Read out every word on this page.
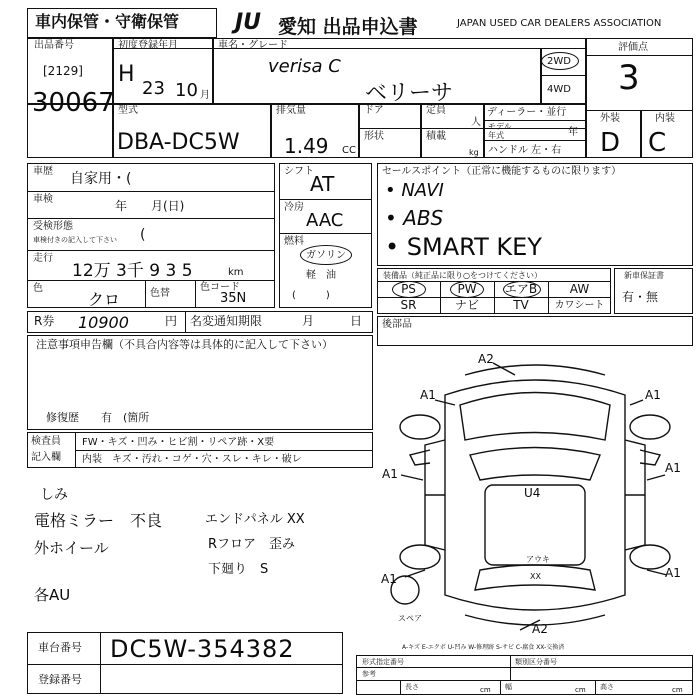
車内保管・守衛保管	JU 愛知 出品申込書	JAPAN USED CAR DEALERS ASSOCIATION
出品番号
[2129]
30067
初度登録年月
H
23 10 月
車名・グレード
verisa C
ベリーサ
2WD
4WD
評価点
3
外装	内装
D C
型式
DBA-DC5W
排気量
1.49 CC
ドア
形状
定員
人
積載
kg
ディーラー・並行
モデル
年式	年
ハンドル 左・右
車歴 自家用・(
車検	年　　月(日)
受検形態
車検付きの記入して下さい (
走行
12万 3千 9 3 5	km
色
クロ	色替
色コード
35N
シフト
AT
冷房
AAC
燃料
ガソリン
軽　油
(　　　)
セールスポイント（正常に機能するものに限ります）
• NAVI
• ABS
• SMART KEY
装備品（純正品に限り○をつけてください）
PS	PW	エアB	AW
SR	ナビ	TV	カワシート
新車保証書
有・無
R券 10900	円 名変通知期限	月	日 後部品
注意事項申告欄（不具合内容等は具体的に記入して下さい）
修復歴　　有　(箇所
検査員
記入欄
FW・キズ・凹み・ヒビ割・リペア跡・X要
内装 キズ・汚れ・コゲ・穴・スレ・キレ・破レ
しみ
電格ミラー　不良
外ホイール
各AU
エンドパネル XX
Rフロア　歪み
下廻り　S
A2
A1	A1
A1	A1
U4
A1	A1
A2
アウキ
XX
スペア
A-キズ E-エクボ U-凹み W-修理跡 S-サビ C-腐食 XX-交換済
車台番号 DC5W-354382
登録番号
形式指定番号	類別区分番号
参考
長さ	幅	高さ
cm	cm	cm
